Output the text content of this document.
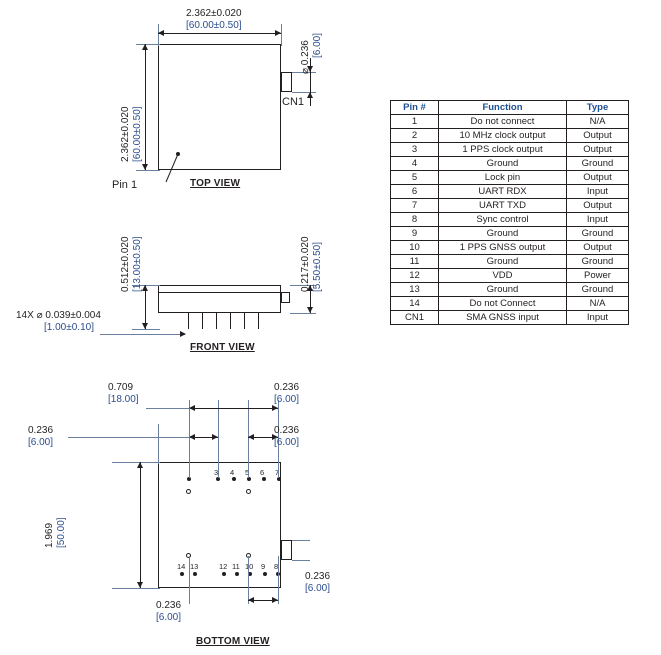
2.362±0.020
[60.00±0.50]
2.362±0.020 [60.00±0.50]
⌀ 0.236 [6.00]
CN1
Pin 1	TOP VIEW
0.512±0.020 [13.00±0.50]	0.217±0.020 [5.50±0.50]
14X ⌀ 0.039±0.004
[1.00±0.10]
FRONT VIEW
3 4 5 6 7
14 13	12 11 10 9 8
0.709
[18.00]
0.236
[6.00]
0.236
[6.00]
0.236
[6.00]
1.969 [50.00]
0.236
[6.00]
0.236
[6.00]
BOTTOM VIEW
Pin #	Function	Type
1	Do not connect	N/A
2	10 MHz clock output	Output
3	1 PPS clock output	Output
4	Ground	Ground
5	Lock pin	Output
6	UART RDX	Input
7	UART TXD	Output
8	Sync control	Input
9	Ground	Ground
10	1 PPS GNSS output	Output
11	Ground	Ground
12	VDD	Power
13	Ground	Ground
14	Do not Connect	N/A
CN1	SMA GNSS input	Input
